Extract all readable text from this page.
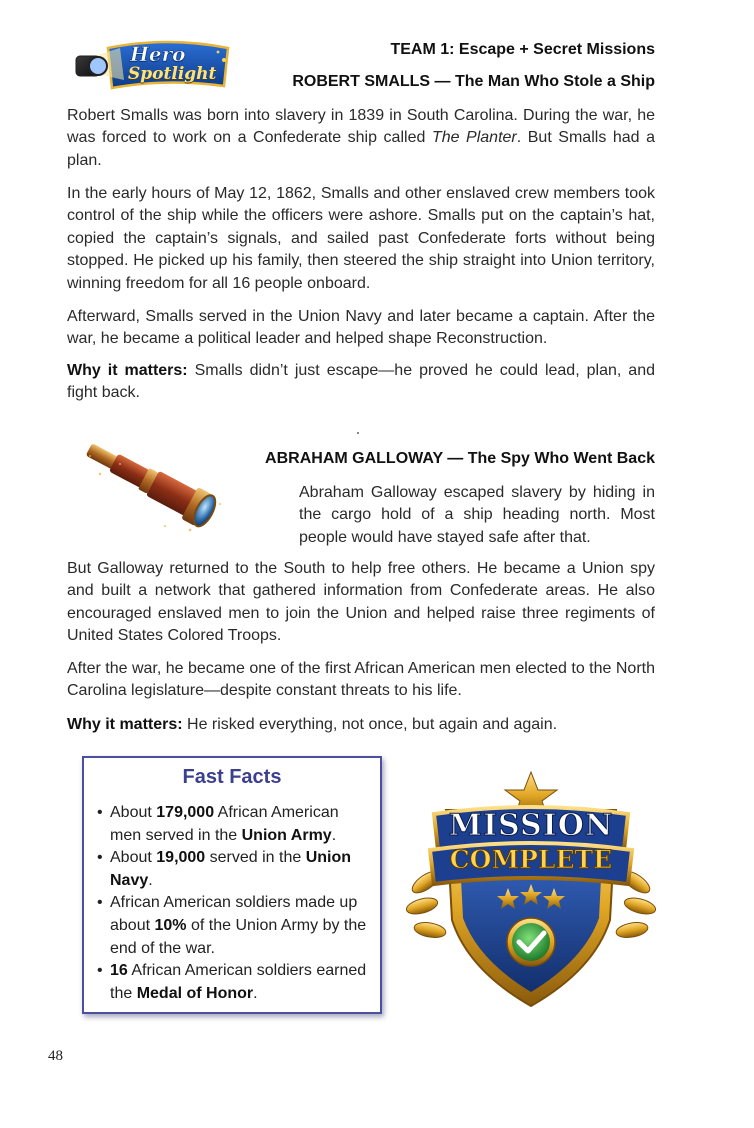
Hero
Spotlight
TEAM 1: Escape + Secret Missions
ROBERT SMALLS — The Man Who Stole a Ship

Robert Smalls was born into slavery in 1839 in South Carolina. During the war, he was forced to work on a Confederate ship called The Planter. But Smalls had a plan.

In the early hours of May 12, 1862, Smalls and other enslaved crew members took control of the ship while the officers were ashore. Smalls put on the captain’s hat, copied the captain’s signals, and sailed past Confederate forts without being stopped. He picked up his family, then steered the ship straight into Union territory, winning freedom for all 16 people onboard.

Afterward, Smalls served in the Union Navy and later became a captain. After the war, he became a political leader and helped shape Reconstruction.

Why it matters: Smalls didn’t just escape—he proved he could lead, plan, and fight back.

ABRAHAM GALLOWAY — The Spy Who Went Back

Abraham Galloway escaped slavery by hiding in the cargo hold of a ship heading north. Most people would have stayed safe after that.

But Galloway returned to the South to help free others. He became a Union spy and built a network that gathered information from Confederate areas. He also encouraged enslaved men to join the Union and helped raise three regiments of United States Colored Troops.

After the war, he became one of the first African American men elected to the North Carolina legislature—despite constant threats to his life.

Why it matters: He risked everything, not once, but again and again.

Fast Facts
• About 179,000 African American men served in the Union Army.
• About 19,000 served in the Union Navy.
• African American soldiers made up about 10% of the Union Army by the end of the war.
• 16 African American soldiers earned the Medal of Honor.
MISSION
COMPLETE
48
